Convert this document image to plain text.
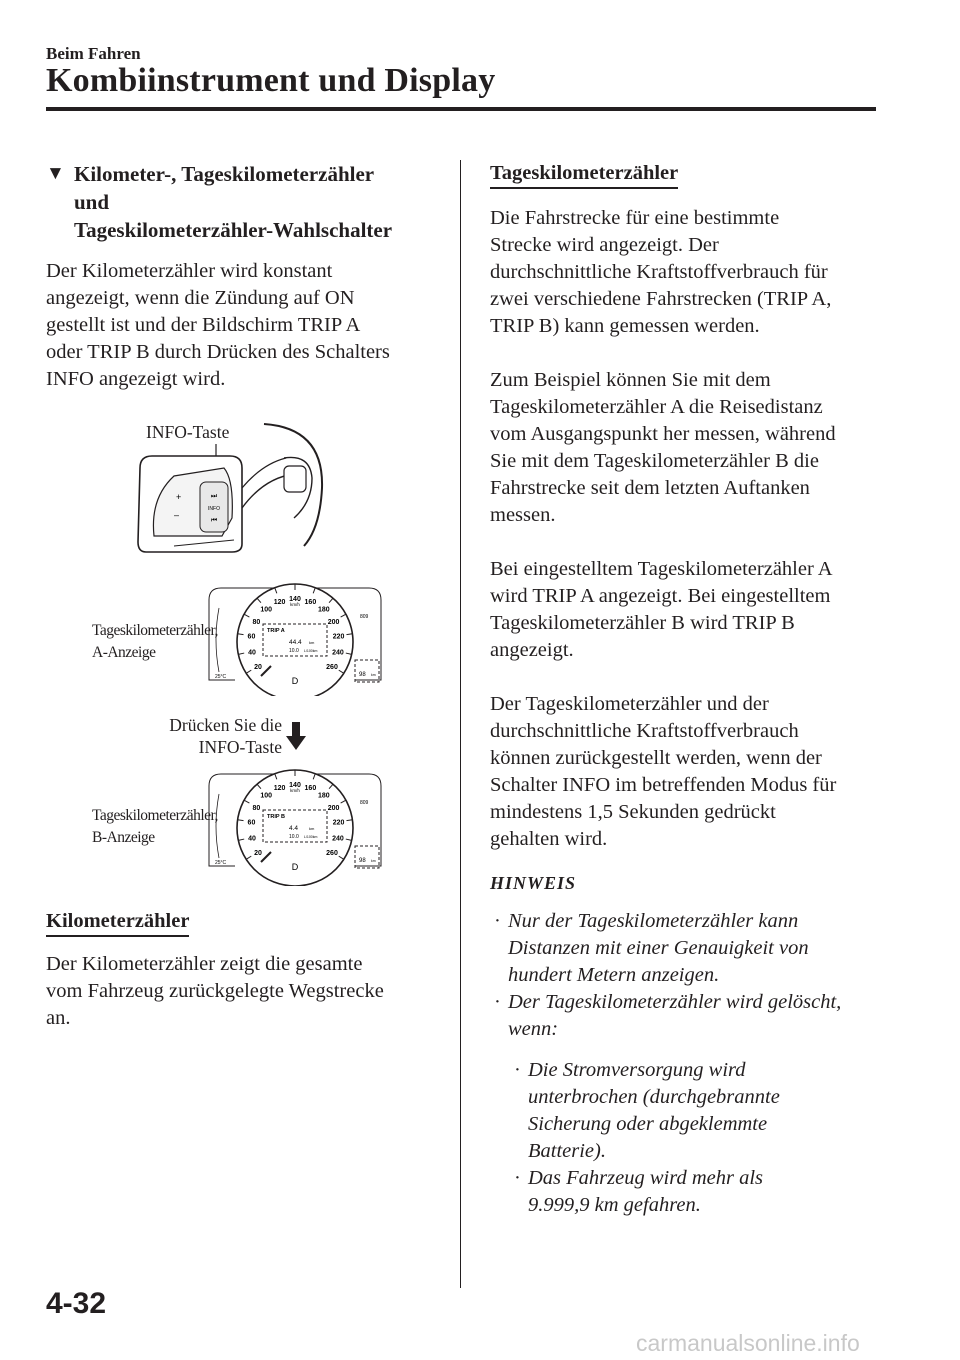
Beim Fahren
Kombiinstrument und Display
▼ Kilometer-, Tageskilometerzähler
und
Tageskilometerzähler-Wahlschalter

Der Kilometerzähler wird konstant
angezeigt, wenn die Zündung auf ON
gestellt ist und der Bildschirm TRIP A
oder TRIP B durch Drücken des Schalters
INFO angezeigt wird.

INFO-Taste
⏭
INFO
⏮
+
–
Tageskilometerzähler,
A-Anzeige
20
40
60
80
100
120 140 160
180
200
220
240
260
km/h
TRIP A
44.4 km
10.0 L/100km
D
25°C
809
98 km
Drücken Sie die
INFO-Taste
Tageskilometerzähler,
B-Anzeige
20
40
60
80
100
120 140 160
180
200
220
240
260
km/h
TRIP B
4.4	km
10.0 L/100km
D
25°C
809
98 km
Kilometerzähler

Der Kilometerzähler zeigt die gesamte
vom Fahrzeug zurückgelegte Wegstrecke
an.

Tageskilometerzähler

Die Fahrstrecke für eine bestimmte
Strecke wird angezeigt. Der
durchschnittliche Kraftstoffverbrauch für
zwei verschiedene Fahrstrecken (TRIP A,
TRIP B) kann gemessen werden.

Zum Beispiel können Sie mit dem
Tageskilometerzähler A die Reisedistanz
vom Ausgangspunkt her messen, während
Sie mit dem Tageskilometerzähler B die
Fahrstrecke seit dem letzten Auftanken
messen.

Bei eingestelltem Tageskilometerzähler A
wird TRIP A angezeigt. Bei eingestelltem
Tageskilometerzähler B wird TRIP B
angezeigt.

Der Tageskilometerzähler und der
durchschnittliche Kraftstoffverbrauch
können zurückgestellt werden, wenn der
Schalter INFO im betreffenden Modus für
mindestens 1,5 Sekunden gedrückt
gehalten wird.

HINWEIS
· Nur der Tageskilometerzähler kann
Distanzen mit einer Genauigkeit von
hundert Metern anzeigen.
· Der Tageskilometerzähler wird gelöscht,
wenn:
· Die Stromversorgung wird
unterbrochen (durchgebrannte
Sicherung oder abgeklemmte
Batterie).
· Das Fahrzeug wird mehr als
9.999,9 km gefahren.
4-32
carmanualsonline.info
